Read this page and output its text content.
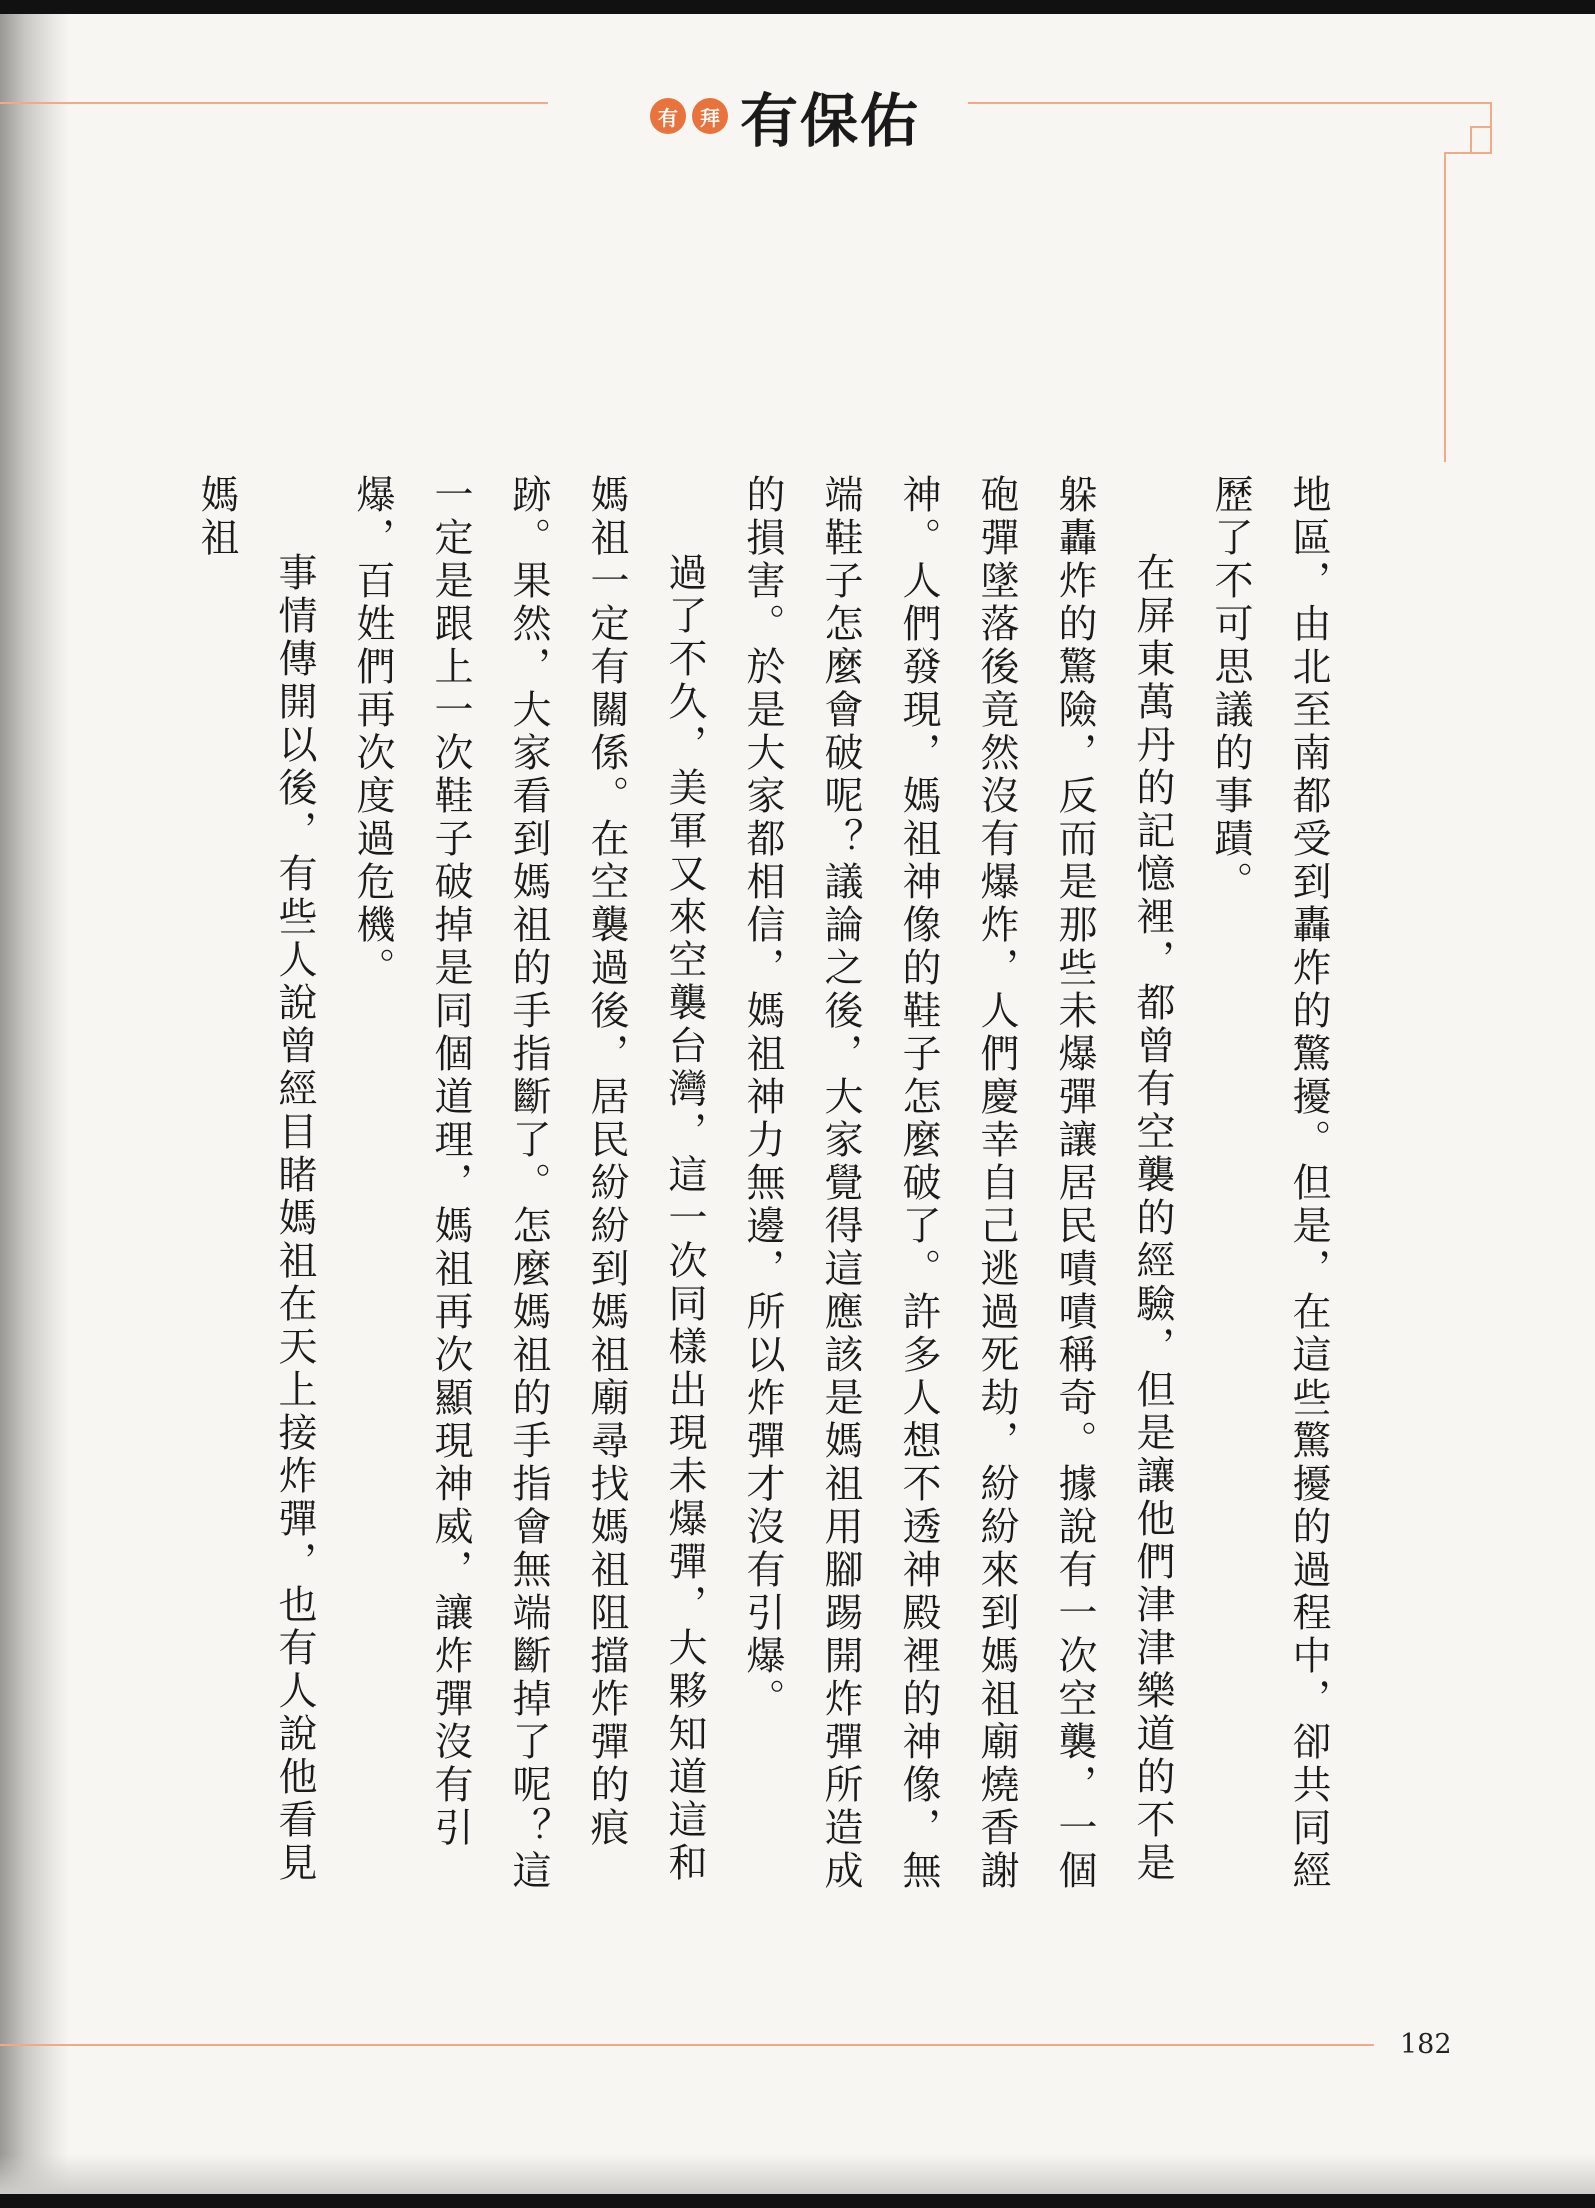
有	拜 有保佑

地區，由北至南都受到轟炸的驚擾。但是，在這些驚擾的過程中，卻共同經歷了不可思議的事蹟。

在屏東萬丹的記憶裡，都曾有空襲的經驗，但是讓他們津津樂道的不是躲轟炸的驚險，反而是那些未爆彈讓居民嘖嘖稱奇。據說有一次空襲，一個砲彈墜落後竟然沒有爆炸，人們慶幸自己逃過死劫，紛紛來到媽祖廟燒香謝神。人們發現，媽祖神像的鞋子怎麼破了。許多人想不透神殿裡的神像，無端鞋子怎麼會破呢？議論之後，大家覺得這應該是媽祖用腳踢開炸彈所造成的損害。於是大家都相信，媽祖神力無邊，所以炸彈才沒有引爆。

過了不久，美軍又來空襲台灣，這一次同樣出現未爆彈，大夥知道這和媽祖一定有關係。在空襲過後，居民紛紛到媽祖廟尋找媽祖阻擋炸彈的痕跡。果然，大家看到媽祖的手指斷了。怎麼媽祖的手指會無端斷掉了呢？這一定是跟上一次鞋子破掉是同個道理，媽祖再次顯現神威，讓炸彈沒有引爆，百姓們再次度過危機。

事情傳開以後，有些人說曾經目睹媽祖在天上接炸彈，也有人說他看見媽祖

182
